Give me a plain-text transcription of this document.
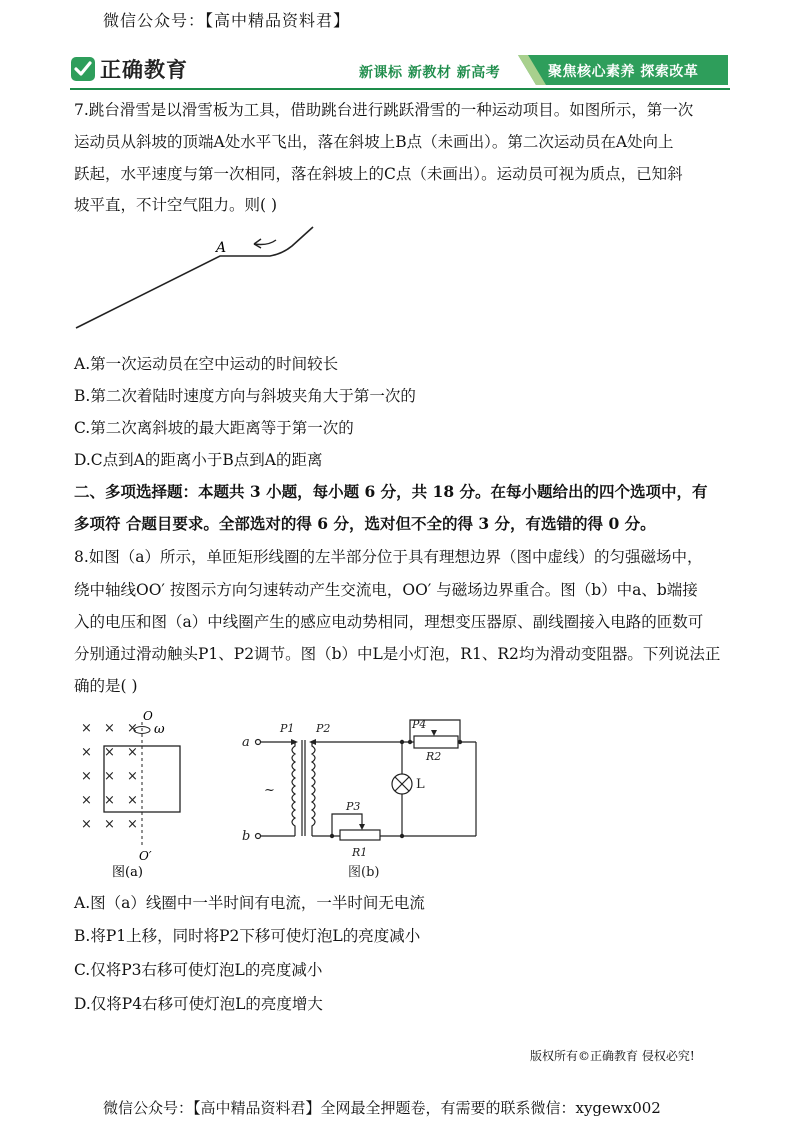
微信公众号：【高中精品资料君】
正确教育	新课标 新教材 新高考	聚焦核心素养 探索改革
7.跳台滑雪是以滑雪板为工具，借助跳台进行跳跃滑雪的一种运动项目。如图所示，第一次
运动员从斜坡的顶端A处水平飞出，落在斜坡上B点（未画出）。第二次运动员在A处向上
跃起，水平速度与第一次相同，落在斜坡上的C点（未画出）。运动员可视为质点，已知斜
坡平直，不计空气阻力。则( )
A
A.第一次运动员在空中运动的时间较长
B.第二次着陆时速度方向与斜坡夹角大于第一次的
C.第二次离斜坡的最大距离等于第一次的
D.C点到A的距离小于B点到A的距离
二、多项选择题：本题共 3 小题，每小题 6 分，共 18 分。在每小题给出的四个选项中，有
多项符 合题目要求。全部选对的得 6 分，选对但不全的得 3 分，有选错的得 0 分。
8.如图（a）所示，单匝矩形线圈的左半部分位于具有理想边界（图中虚线）的匀强磁场中，
绕中轴线OO′ 按图示方向匀速转动产生交流电，OO′ 与磁场边界重合。图（b）中a、b端接
入的电压和图（a）中线圈产生的感应电动势相同，理想变压器原、副线圈接入电路的匝数可
分别通过滑动触头P1、P2调节。图（b）中L是小灯泡，R1、R2均为滑动变阻器。下列说法正
确的是( )
× × ×
× × ×
× × ×
× × ×
× × ×
O
ω
O′
图(a)
a
b
~
P1 P2
P3
P4
R1
R2
L
图(b)
A.图（a）线圈中一半时间有电流，一半时间无电流
B.将P1上移，同时将P2下移可使灯泡L的亮度减小
C.仅将P3右移可使灯泡L的亮度减小
D.仅将P4右移可使灯泡L的亮度增大
版权所有©正确教育 侵权必究!
微信公众号：【高中精品资料君】全网最全押题卷，有需要的联系微信：xygewx002
